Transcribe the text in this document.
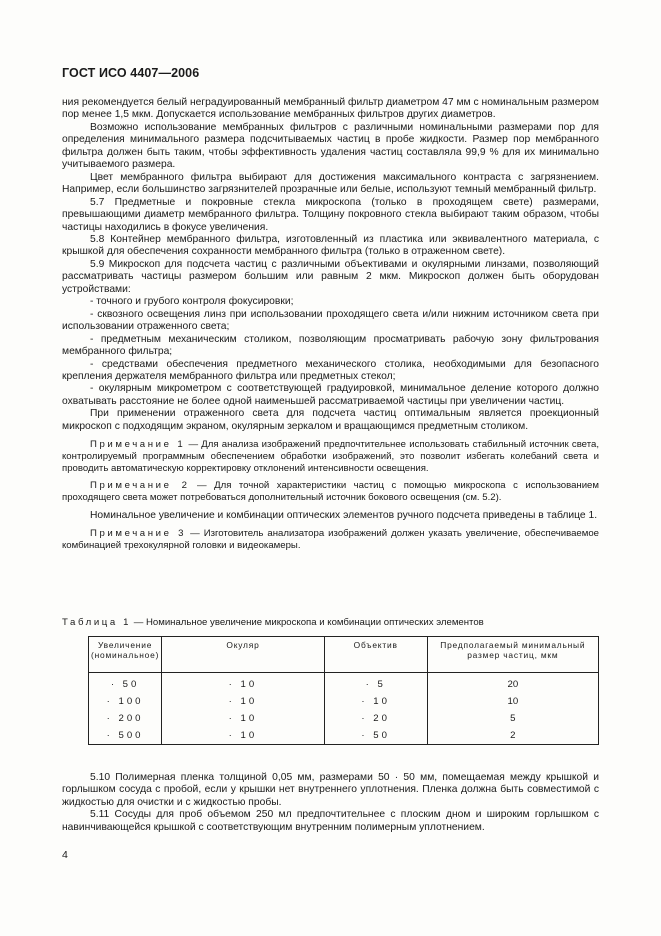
ГОСТ ИСО 4407—2006

ния рекомендуется белый неградуированный мембранный фильтр диаметром 47 мм с номинальным размером пор менее 1,5 мкм. Допускается использование мембранных фильтров других диаметров.

Возможно использование мембранных фильтров с различными номинальными размерами пор для определения минимального размера подсчитываемых частиц в пробе жидкости. Размер пор мембранного фильтра должен быть таким, чтобы эффективность удаления частиц составляла 99,9 % для их минимально учитываемого размера.

Цвет мембранного фильтра выбирают для достижения максимального контраста с загрязнением. Например, если большинство загрязнителей прозрачные или белые, используют темный мембранный фильтр.

5.7 Предметные и покровные стекла микроскопа (только в проходящем свете) размерами, превышающими диаметр мембранного фильтра. Толщину покровного стекла выбирают таким образом, чтобы частицы находились в фокусе увеличения.

5.8 Контейнер мембранного фильтра, изготовленный из пластика или эквивалентного материала, с крышкой для обеспечения сохранности мембранного фильтра (только в отраженном свете).

5.9 Микроскоп для подсчета частиц с различными объективами и окулярными линзами, позволяющий рассматривать частицы размером большим или равным 2 мкм. Микроскоп должен быть оборудован устройствами:

- точного и грубого контроля фокусировки;

- сквозного освещения линз при использовании проходящего света и/или нижним источником света при использовании отраженного света;

- предметным механическим столиком, позволяющим просматривать рабочую зону фильтрования мембранного фильтра;

- средствами обеспечения предметного механического столика, необходимыми для безопасного крепления держателя мембранного фильтра или предметных стекол;

- окулярным микрометром с соответствующей градуировкой, минимальное деление которого должно охватывать расстояние не более одной наименьшей рассматриваемой частицы при увеличении частиц.

При применении отраженного света для подсчета частиц оптимальным является проекционный микроскоп с подходящим экраном, окулярным зеркалом и вращающимся предметным столиком.

Примечание 1 — Для анализа изображений предпочтительнее использовать стабильный источник света, контролируемый программным обеспечением обработки изображений, это позволит избегать колебаний света и проводить автоматическую корректировку отклонений интенсивности освещения.

Примечание 2 — Для точной характеристики частиц с помощью микроскопа с использованием проходящего света может потребоваться дополнительный источник бокового освещения (см. 5.2).

Номинальное увеличение и комбинации оптических элементов ручного подсчета приведены в таблице 1.

Примечание 3 — Изготовитель анализатора изображений должен указать увеличение, обеспечиваемое комбинацией трехокулярной головки и видеокамеры.

Таблица 1 — Номинальное увеличение микроскопа и комбинации оптических элементов
Увеличение (номинальное)	Окуляр	Объектив	Предполагаемый минимальный размер частиц, мкм
· 50	· 10	· 5	20
· 100	· 10	· 10	10
· 200	· 10	· 20	5
· 500	· 10	· 50	2

5.10 Полимерная пленка толщиной 0,05 мм, размерами 50 · 50 мм, помещаемая между крышкой и горлышком сосуда с пробой, если у крышки нет внутреннего уплотнения. Пленка должна быть совместимой с жидкостью для очистки и с жидкостью пробы.

5.11 Сосуды для проб объемом 250 мл предпочтительнее с плоским дном и широким горлышком с навинчивающейся крышкой с соответствующим внутренним полимерным уплотнением.

4
